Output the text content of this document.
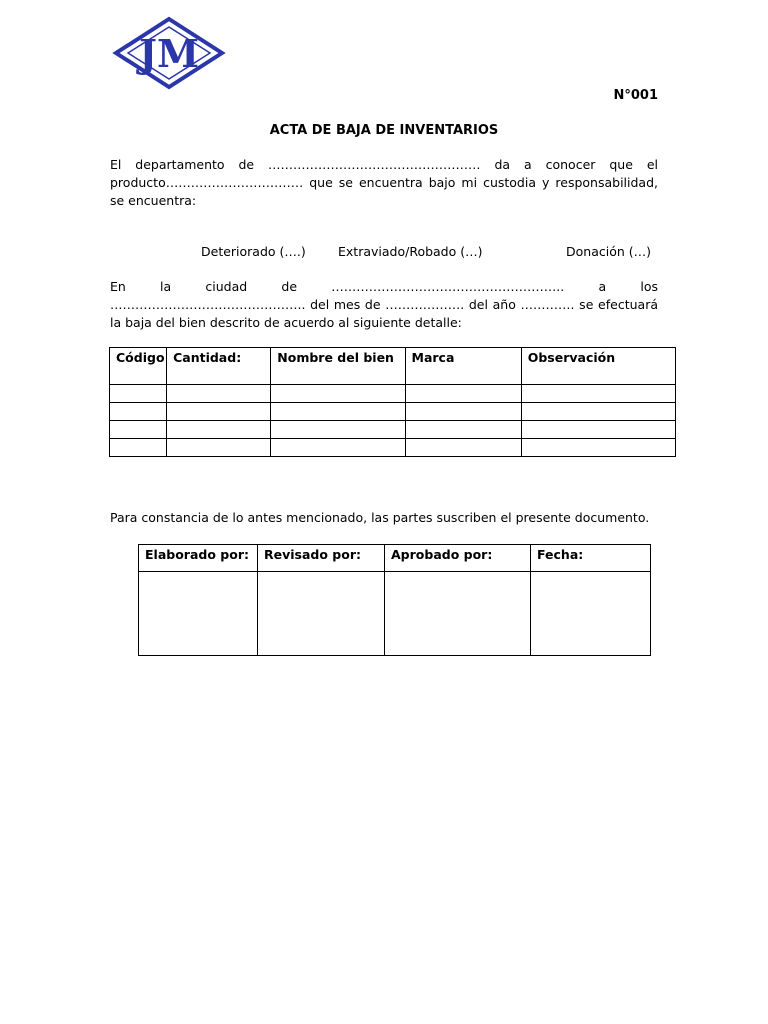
JM
N°001
ACTA DE BAJA DE INVENTARIOS
El departamento de …………………………………………… da a conocer que el producto…………………………… que se encuentra bajo mi custodia y responsabilidad, se encuentra:
Deteriorado (….)	Extraviado/Robado (…)	Donación (…)
En la ciudad de ……………………………………………….. a los ……………………………………….. del mes de ………………. del año …………. se efectuará la baja del bien descrito de acuerdo al siguiente detalle:
Código	Cantidad:	Nombre del bien	Marca	Observación

Para constancia de lo antes mencionado, las partes suscriben el presente documento.
Elaborado por:	Revisado por:	Aprobado por:	Fecha:
